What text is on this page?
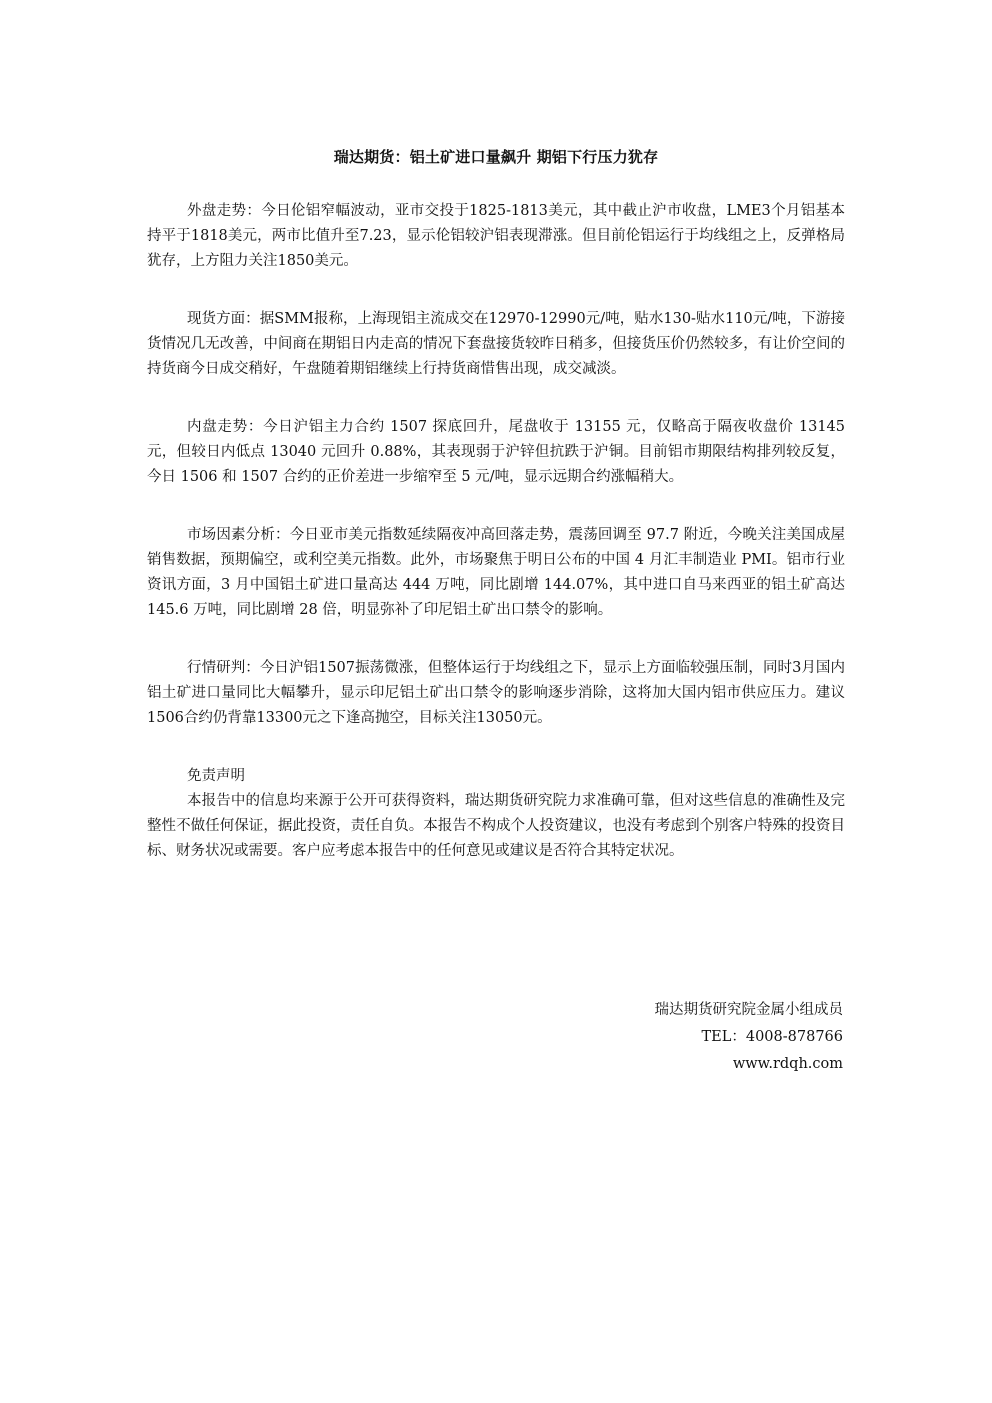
瑞达期货：铝土矿进口量飙升 期铝下行压力犹存

外盘走势：今日伦铝窄幅波动，亚市交投于1825-1813美元，其中截止沪市收盘，LME3个月铝基本持平于1818美元，两市比值升至7.23，显示伦铝较沪铝表现滞涨。但目前伦铝运行于均线组之上，反弹格局犹存，上方阻力关注1850美元。

现货方面：据SMM报称，上海现铝主流成交在12970-12990元/吨，贴水130-贴水110元/吨，下游接货情况几无改善，中间商在期铝日内走高的情况下套盘接货较昨日稍多，但接货压价仍然较多，有让价空间的持货商今日成交稍好，午盘随着期铝继续上行持货商惜售出现，成交减淡。

内盘走势：今日沪铝主力合约 1507 探底回升，尾盘收于 13155 元，仅略高于隔夜收盘价 13145 元，但较日内低点 13040 元回升 0.88%，其表现弱于沪锌但抗跌于沪铜。目前铝市期限结构排列较反复，今日 1506 和 1507 合约的正价差进一步缩窄至 5 元/吨，显示远期合约涨幅稍大。

市场因素分析：今日亚市美元指数延续隔夜冲高回落走势，震荡回调至 97.7 附近，今晚关注美国成屋销售数据，预期偏空，或利空美元指数。此外，市场聚焦于明日公布的中国 4 月汇丰制造业 PMI。铝市行业资讯方面，3 月中国铝土矿进口量高达 444 万吨，同比剧增 144.07%，其中进口自马来西亚的铝土矿高达 145.6 万吨，同比剧增 28 倍，明显弥补了印尼铝土矿出口禁令的影响。

行情研判：今日沪铝1507振荡微涨，但整体运行于均线组之下，显示上方面临较强压制，同时3月国内铝土矿进口量同比大幅攀升，显示印尼铝土矿出口禁令的影响逐步消除，这将加大国内铝市供应压力。建议1506合约仍背靠13300元之下逢高抛空，目标关注13050元。

免责声明

本报告中的信息均来源于公开可获得资料，瑞达期货研究院力求准确可靠，但对这些信息的准确性及完整性不做任何保证，据此投资，责任自负。本报告不构成个人投资建议，也没有考虑到个别客户特殊的投资目标、财务状况或需要。客户应考虑本报告中的任何意见或建议是否符合其特定状况。

瑞达期货研究院金属小组成员
TEL：4008-878766
www.rdqh.com
